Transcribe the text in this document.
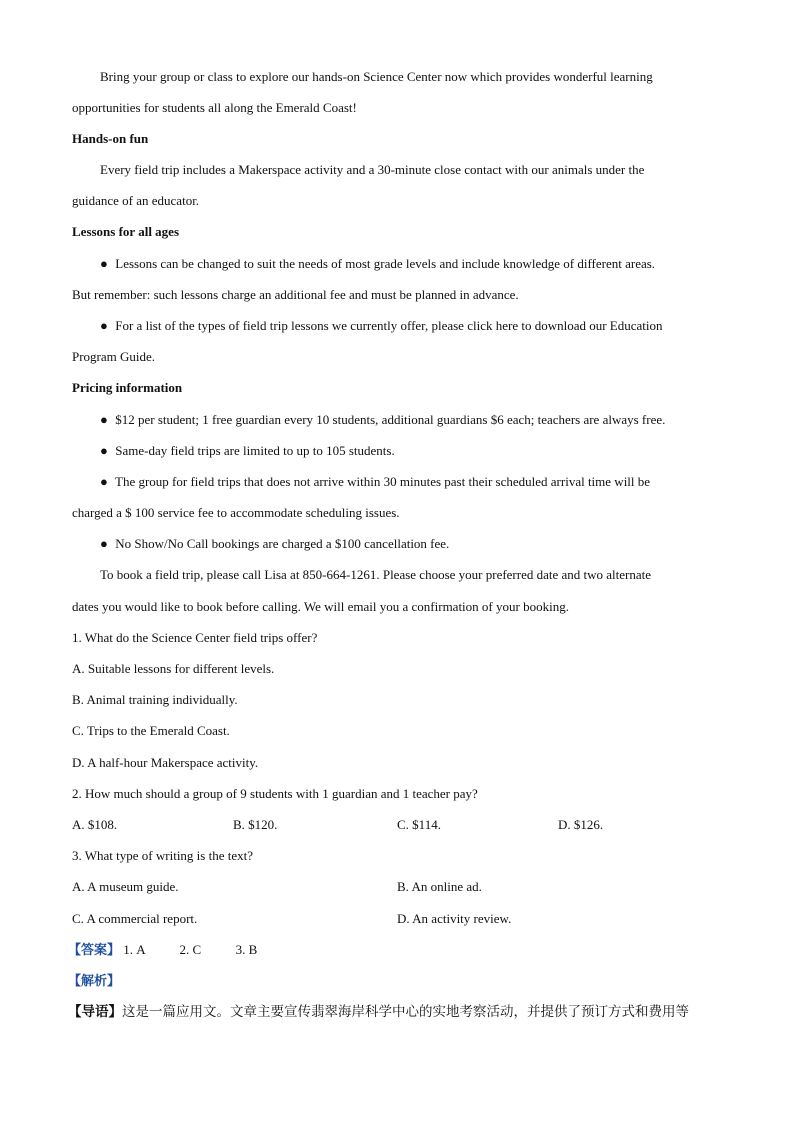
Bring your group or class to explore our hands-on Science Center now which provides wonderful learning
opportunities for students all along the Emerald Coast!
Hands-on fun
Every field trip includes a Makerspace activity and a 30-minute close contact with our animals under the
guidance of an educator.
Lessons for all ages
● Lessons can be changed to suit the needs of most grade levels and include knowledge of different areas.
But remember: such lessons charge an additional fee and must be planned in advance.
● For a list of the types of field trip lessons we currently offer, please click here to download our Education
Program Guide.
Pricing information
● $12 per student; 1 free guardian every 10 students, additional guardians $6 each; teachers are always free.
● Same-day field trips are limited to up to 105 students.
● The group for field trips that does not arrive within 30 minutes past their scheduled arrival time will be
charged a $ 100 service fee to accommodate scheduling issues.
● No Show/No Call bookings are charged a $100 cancellation fee.
To book a field trip, please call Lisa at 850-664-1261. Please choose your preferred date and two alternate
dates you would like to book before calling. We will email you a confirmation of your booking.
1. What do the Science Center field trips offer?
A. Suitable lessons for different levels.
B. Animal training individually.
C. Trips to the Emerald Coast.
D. A half-hour Makerspace activity.
2. How much should a group of 9 students with 1 guardian and 1 teacher pay?
A. $108.	B. $120.	C. $114.	D. $126.
3. What type of writing is the text?
A. A museum guide.	B. An online ad.
C. A commercial report.	D. An activity review.
【答案】 1. A	2. C	3. B
【解析】
【导语】这是一篇应用文。文章主要宣传翡翠海岸科学中心的实地考察活动，并提供了预订方式和费用等
